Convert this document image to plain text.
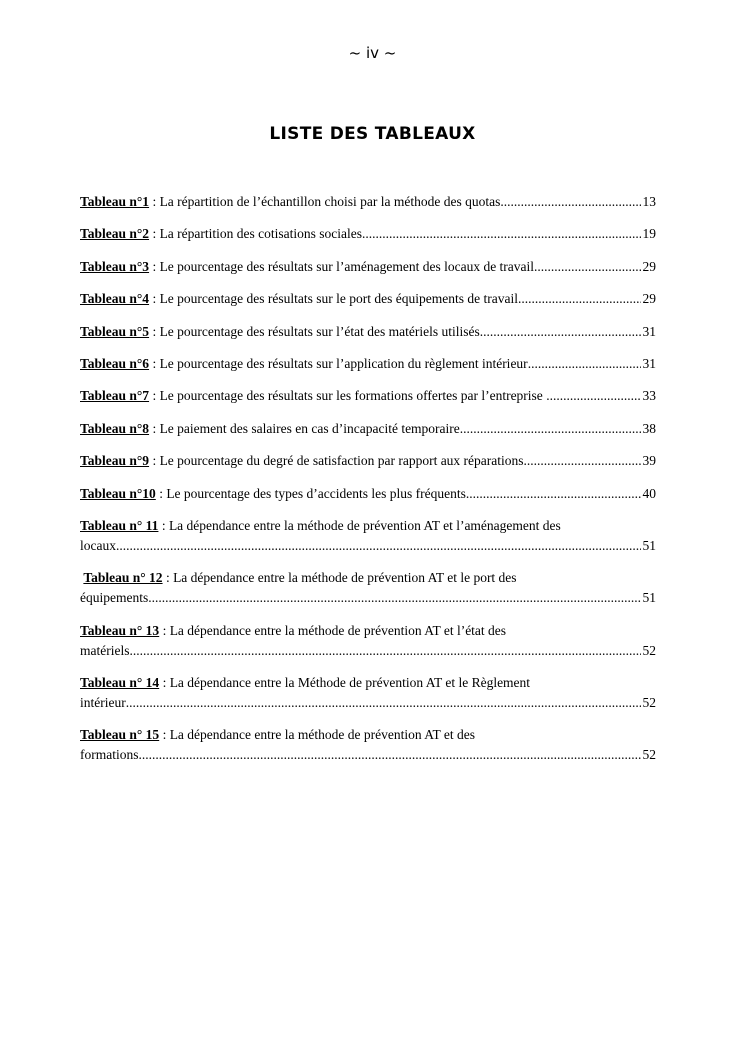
~ iv ~
LISTE DES TABLEAUX
Tableau n°1 : La répartition de l’échantillon choisi par la méthode des quotas .....	13
Tableau n°2 : La répartition des cotisations sociales .....	19
Tableau n°3 : Le pourcentage des résultats sur l’aménagement des locaux de travail .....	29
Tableau n°4 : Le pourcentage des résultats sur le port des équipements de travail .....	29
Tableau n°5 : Le pourcentage des résultats sur l’état des matériels utilisés .....	31
Tableau n°6 : Le pourcentage des résultats sur l’application du règlement intérieur .....	31
Tableau n°7 : Le pourcentage des résultats sur les formations offertes par l’entreprise .....	33
Tableau n°8 : Le paiement des salaires en cas d’incapacité temporaire .....	38
Tableau n°9 : Le pourcentage du degré de satisfaction par rapport aux réparations .....	39
Tableau n°10 : Le pourcentage des types d’accidents les plus fréquents .....	40
Tableau n° 11 : La dépendance entre la méthode de prévention AT et l’aménagement des
locaux .....	51
Tableau n° 12 : La dépendance entre la méthode de prévention AT et le port des
équipements .....	51
Tableau n° 13 : La dépendance entre la méthode de prévention AT et l’état des
matériels .....	52
Tableau n° 14 : La dépendance entre la Méthode de prévention AT et le Règlement
intérieur .....	52
Tableau n° 15 : La dépendance entre la méthode de prévention AT et des
formations .....	52
